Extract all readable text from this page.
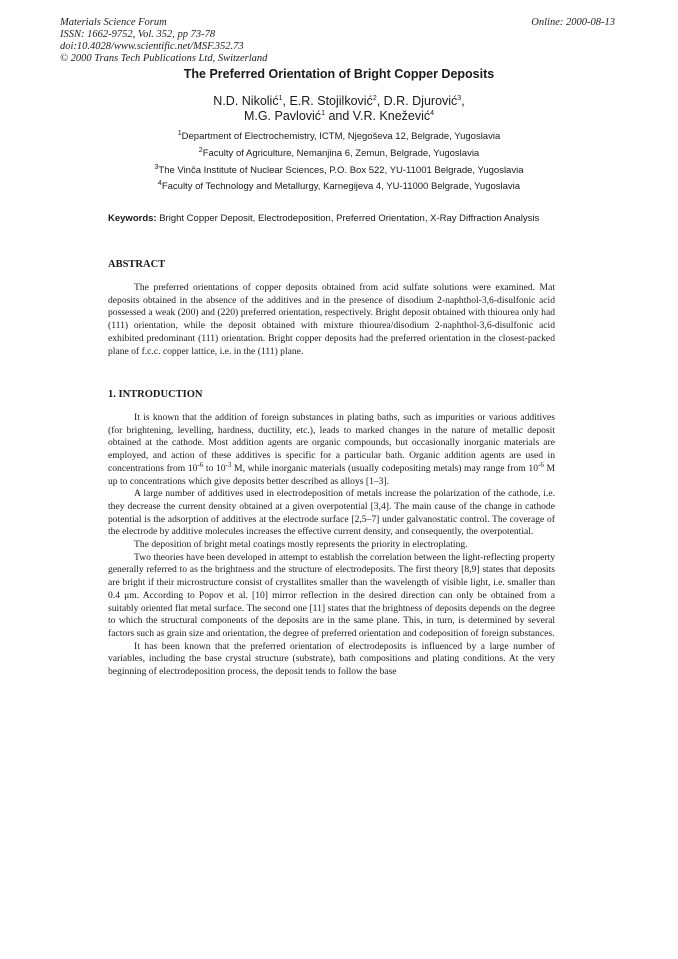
Materials Science Forum
ISSN: 1662-9752, Vol. 352, pp 73-78
doi:10.4028/www.scientific.net/MSF.352.73
© 2000 Trans Tech Publications Ltd, Switzerland
Online: 2000-08-13
The Preferred Orientation of Bright Copper Deposits
N.D. Nikolić$^1$, E.R. Stojilković$^2$, D.R. Djurović$^3$,
M.G. Pavlović$^1$ and V.R. Knežević$^4$
$^1$Department of Electrochemistry, ICTM, Njegoševa 12, Belgrade, Yugoslavia
$^2$Faculty of Agriculture, Nemanjina 6, Zemun, Belgrade, Yugoslavia
$^3$The Vinča Institute of Nuclear Sciences, P.O. Box 522, YU-11001 Belgrade, Yugoslavia
$^4$Faculty of Technology and Metallurgy, Karnegijeva 4, YU-11000 Belgrade, Yugoslavia
Keywords: Bright Copper Deposit, Electrodeposition, Preferred Orientation, X-Ray Diffraction Analysis
ABSTRACT

The preferred orientations of copper deposits obtained from acid sulfate solutions were examined. Mat deposits obtained in the absence of the additives and in the presence of disodium 2-naphthol-3,6-disulfonic acid possessed a weak (200) and (220) preferred orientation, respectively. Bright deposit obtained with thiourea only had (111) orientation, while the deposit obtained with mixture thiourea/disodium 2-naphthol-3,6-disulfonic acid exhibited predominant (111) orientation. Bright copper deposits had the preferred orientation in the closest-packed plane of f.c.c. copper lattice, i.e. in the (111) plane.

1. INTRODUCTION

It is known that the addition of foreign substances in plating baths, such as impurities or various additives (for brightening, levelling, hardness, ductility, etc.), leads to marked changes in the nature of metallic deposit obtained at the cathode. Most addition agents are organic compounds, but occasionally inorganic materials are employed, and action of these additives is specific for a particular bath. Organic addition agents are used in concentrations from $10^{-6}$ to $10^{-3}$ M, while inorganic materials (usually codepositing metals) may range from $10^{-6}$ M up to concentrations which give deposits better described as alloys [1–3].

A large number of additives used in electrodeposition of metals increase the polarization of the cathode, i.e. they decrease the current density obtained at a given overpotential [3,4]. The main cause of the change in cathode potential is the adsorption of additives at the electrode surface [2,5–7] under galvanostatic control. The coverage of the electrode by additive molecules increases the effective current density, and consequently, the overpotential.

The deposition of bright metal coatings mostly represents the priority in electroplating.

Two theories have been developed in attempt to establish the correlation between the light-reflecting property generally referred to as the brightness and the structure of electrodeposits. The first theory [8,9] states that deposits are bright if their microstructure consist of crystallites smaller than the wavelength of visible light, i.e. smaller than 0.4 μm. According to Popov et al. [10] mirror reflection in the desired direction can only be obtained from a suitably oriented flat metal surface. The second one [11] states that the brightness of deposits depends on the degree to which the structural components of the deposits are in the same plane. This, in turn, is determined by several factors such as grain size and orientation, the degree of preferred orientation and codeposition of foreign substances.

It has been known that the preferred orientation of electrodeposits is influenced by a large number of variables, including the base crystal structure (substrate), bath compositions and plating conditions. At the very beginning of electrodeposition process, the deposit tends to follow the base
